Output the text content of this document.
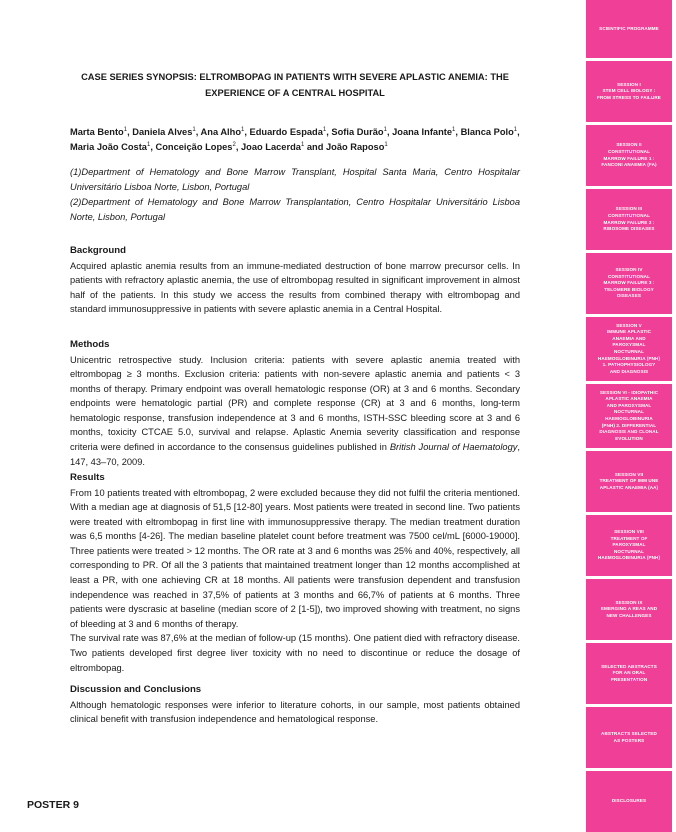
CASE SERIES SYNOPSIS: ELTROMBOPAG IN PATIENTS WITH SEVERE APLASTIC ANEMIA: THE
EXPERIENCE OF A CENTRAL HOSPITAL
Marta Bento$^1$, Daniela Alves$^1$, Ana Alho$^1$, Eduardo Espada$^1$, Sofia Durão$^1$, Joana Infante$^1$, Blanca Polo$^1$,
Maria João Costa$^1$, Conceição Lopes$^2$, Joao Lacerda$^1$ and João Raposo$^1$
(1)Department of Hematology and Bone Marrow Transplant, Hospital Santa Maria, Centro Hospitalar Universitário Lisboa Norte, Lisbon, Portugal
(2)Department of Hematology and Bone Marrow Transplantation, Centro Hospitalar Universitário Lisboa Norte, Lisbon, Portugal
Background
Acquired aplastic anemia results from an immune-mediated destruction of bone marrow precursor cells. In patients with refractory aplastic anemia, the use of eltrombopag resulted in significant improvement in almost half of the patients. In this study we access the results from combined therapy with eltrombopag and standard immunosuppressive in patients with severe aplastic anemia in a Central Hospital.
Methods
Unicentric retrospective study. Inclusion criteria: patients with severe aplastic anemia treated with eltrombopag ≥ 3 months. Exclusion criteria: patients with non-severe aplastic anemia and patients < 3 months of therapy. Primary endpoint was overall hematologic response (OR) at 3 and 6 months. Secondary endpoints were hematologic partial (PR) and complete response (CR) at 3 and 6 months, long-term hematologic response, transfusion independence at 3 and 6 months, ISTH-SSC bleeding score at 3 and 6 months, toxicity CTCAE 5.0, survival and relapse. Aplastic Anemia severity classification and response criteria were defined in accordance to the consensus guidelines published in British Journal of Haematology, 147, 43–70, 2009.
Results
From 10 patients treated with eltrombopag, 2 were excluded because they did not fulfil the criteria mentioned. With a median age at diagnosis of 51,5 [12-80] years. Most patients were treated in second line. Two patients were treated with eltrombopag in first line with immunosuppressive therapy. The median treatment duration was 6,5 months [4-26]. The median baseline platelet count before treatment was 7500 cel/mL [6000-19000]. Three patients were treated > 12 months. The OR rate at 3 and 6 months was 25% and 40%, respectively, all corresponding to PR. Of all the 3 patients that maintained treatment longer than 12 months accomplished at least a PR, with one achieving CR at 18 months. All patients were transfusion dependent and transfusion independence was reached in 37,5% of patients at 3 months and 66,7% of patients at 6 months. Three patients were dyscrasic at baseline (median score of 2 [1-5]), two improved showing with treatment, no signs of bleeding at 3 and 6 months of therapy.
The survival rate was 87,6% at the median of follow-up (15 months). One patient died with refractory disease. Two patients developed first degree liver toxicity with no need to discontinue or reduce the dosage of eltrombopag.
Discussion and Conclusions
Although hematologic responses were inferior to literature cohorts, in our sample, most patients obtained clinical benefit with transfusion independence and hematological response.
POSTER 9
SCIENTIFIC PROGRAMME
SESSION I
STEM CELL BIOLOGY :
FROM STRESS TO FAILURE
SESSION II
CONSTITUTIONAL
MARROW FAILURE 1 :
FANCONI ANAEMIA (FA)
SESSION III
CONSTITUTIONAL
MARROW FAILURE 2 :
RIBOSOME DISEASES
SESSION IV
CONSTITUTIONAL
MARROW FAILURE 3 :
TELOMERE BIOLOGY
DISEASES
SESSION V
IMMUNE APLASTIC
ANAEMIA AND
PAROXYSMAL
NOCTURNAL
HAEMOGLOBINURIA (PNH)
1. PATHOPHYSIOLOGY
AND DIAGNOSIS
SESSION VI - IDIOPATHIC
APLASTIC ANAEMIA
AND PAROXYSMAL
NOCTURNAL
HAEMOGLOBINURIA
(PNH) 2. DIFFERENTIAL
DIAGNOSIS AND CLONAL
EVOLUTION
SESSION VII
TREATMENT OF IMM UNE
APLASTIC ANAEMIA (AA)
SESSION VIII
TREATMENT OF
PAROXYSMAL
NOCTURNAL
HAEMOGLOBINURIA (PNH)
SESSION IX
EMERGING A REAS AND
NEW CHALLENGES
SELECTED ABSTRACTS
FOR AN ORAL
PRESENTATION
ABSTRACTS SELECTED
AS POSTERS
DISCLOSURES
